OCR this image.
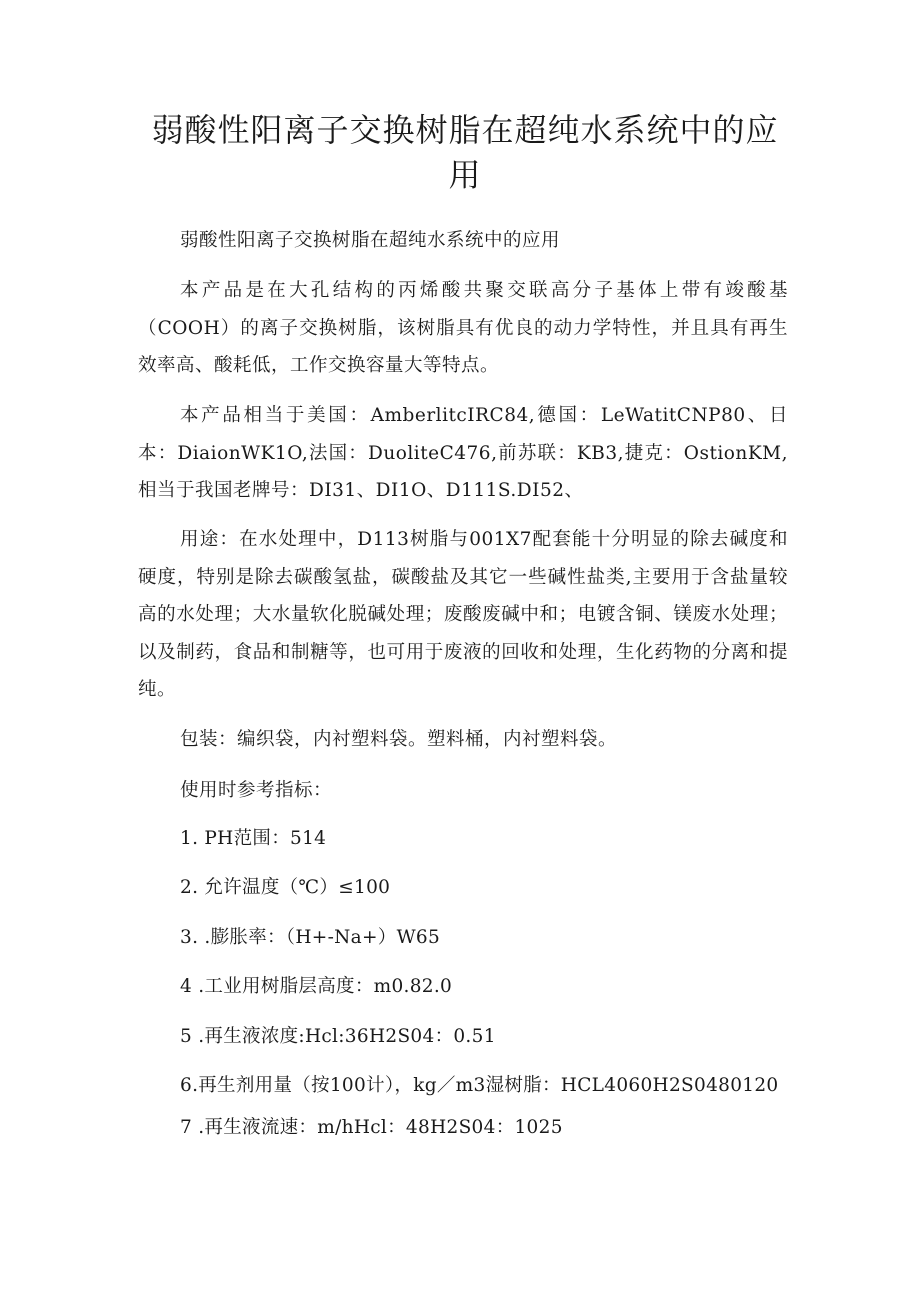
弱酸性阳离子交换树脂在超纯水系统中的应用

弱酸性阳离子交换树脂在超纯水系统中的应用

本产品是在大孔结构的丙烯酸共聚交联高分子基体上带有竣酸基（COOH）的离子交换树脂，该树脂具有优良的动力学特性，并且具有再生效率高、酸耗低，工作交换容量大等特点。

本产品相当于美国：AmberlitcIRC84,德国：LeWatitCNP80、日本：DiaionWK1O,法国：DuoliteC476,前苏联：KB3,捷克：OstionKM,相当于我国老牌号：DI31、DI1O、D111S.DI52、

用途：在水处理中，D113树脂与001X7配套能十分明显的除去碱度和硬度，特别是除去碳酸氢盐，碳酸盐及其它一些碱性盐类,主要用于含盐量较高的水处理；大水量软化脱碱处理；废酸废碱中和；电镀含铜、镁废水处理；以及制药，食品和制糖等，也可用于废液的回收和处理，生化药物的分离和提纯。

包装：编织袋，内衬塑料袋。塑料桶，内衬塑料袋。

使用时参考指标：

1. PH范围：514

2. 允许温度（℃）≤100

3. .膨胀率：（H+-Na+）W65

4 .工业用树脂层高度：m0.82.0

5 .再生液浓度:Hcl:36H2S04：0.51

6.再生剂用量（按100计），kg／m3湿树脂：HCL4060H2S0480120

7 .再生液流速：m/hHcl：48H2S04：1025
